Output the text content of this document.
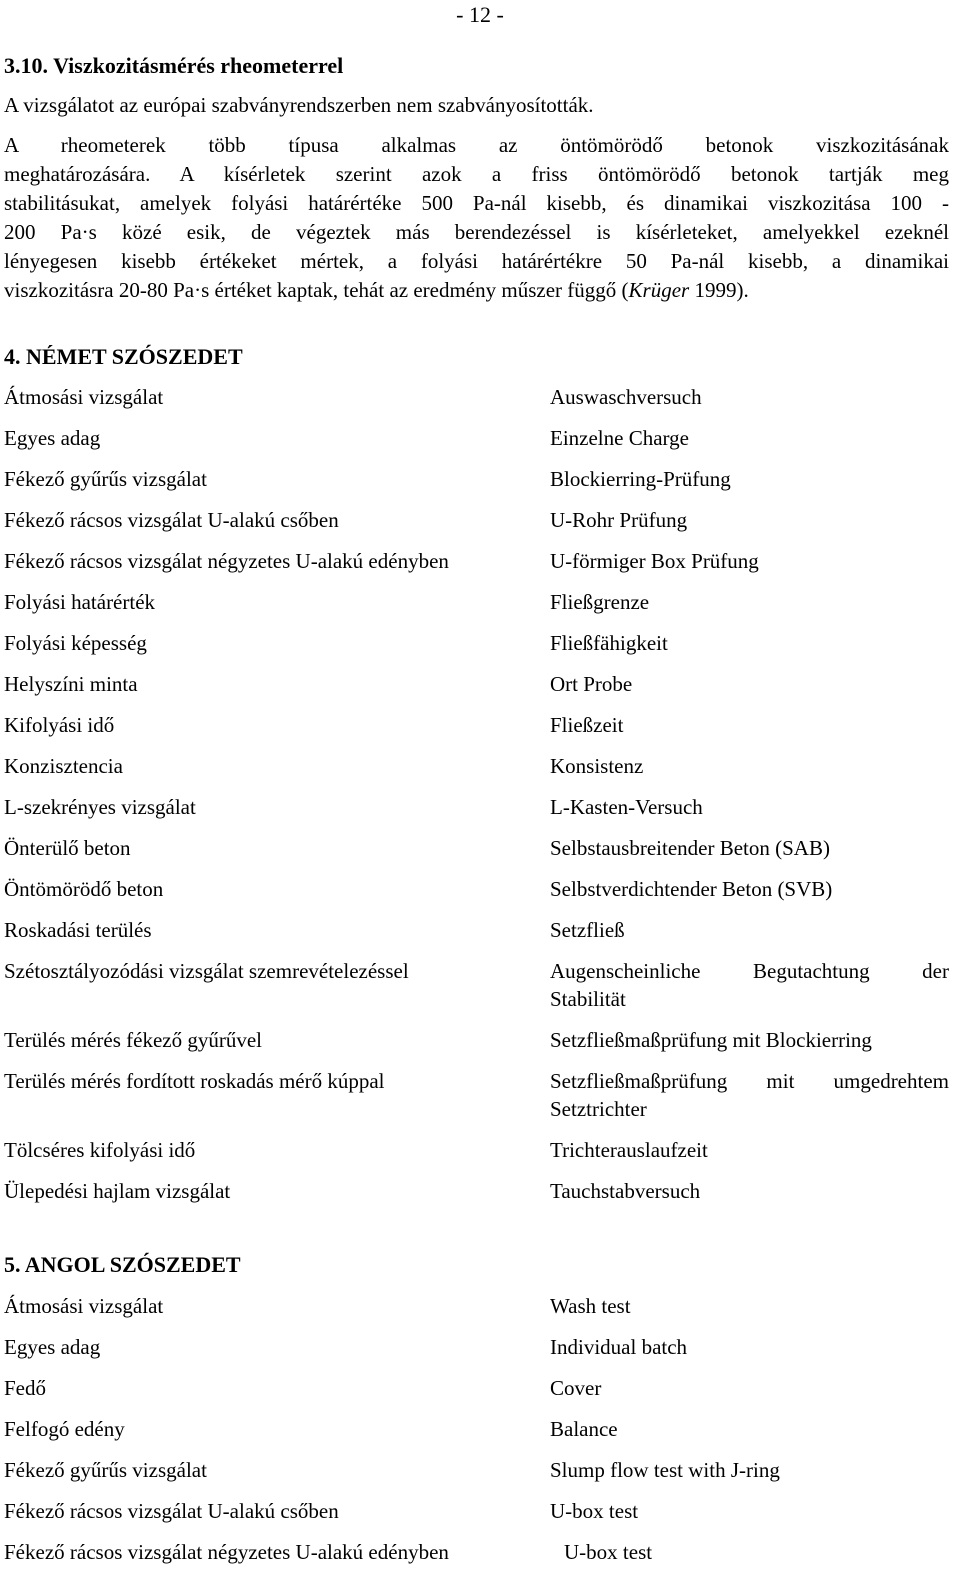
- 12 -
3.10. Viszkozitásmérés rheometerrel

A vizsgálatot az európai szabványrendszerben nem szabványosították.

A rheometerek több típusa alkalmas az öntömörödő betonok viszkozitásának
meghatározására. A kísérletek szerint azok a friss öntömörödő betonok tartják meg
stabilitásukat, amelyek folyási határértéke 500 Pa-nál kisebb, és dinamikai viszkozitása 100 -
200 Pa·s közé esik, de végeztek más berendezéssel is kísérleteket, amelyekkel ezeknél
lényegesen kisebb értékeket mértek, a folyási határértékre 50 Pa-nál kisebb, a dinamikai
viszkozitásra 20-80 Pa·s értéket kaptak, tehát az eredmény műszer függő (Krüger 1999).

4. NÉMET SZÓSZEDET
Átmosási vizsgálat	Auswaschversuch
Egyes adag	Einzelne Charge
Fékező gyűrűs vizsgálat	Blockierring-Prüfung
Fékező rácsos vizsgálat U-alakú csőben	U-Rohr Prüfung
Fékező rácsos vizsgálat négyzetes U-alakú edényben	U-förmiger Box Prüfung
Folyási határérték	Fließgrenze
Folyási képesség	Fließfähigkeit
Helyszíni minta	Ort Probe
Kifolyási idő	Fließzeit
Konzisztencia	Konsistenz
L-szekrényes vizsgálat	L-Kasten-Versuch
Önterülő beton	Selbstausbreitender Beton (SAB)
Öntömörödő beton	Selbstverdichtender Beton (SVB)
Roskadási terülés	Setzfließ
Szétosztályozódási vizsgálat szemrevételezéssel	Augenscheinliche Begutachtung der
Stabilität
Terülés mérés fékező gyűrűvel	Setzfließmaßprüfung mit Blockierring
Terülés mérés fordított roskadás mérő kúppal	Setzfließmaßprüfung mit umgedrehtem
Setztrichter
Tölcséres kifolyási idő	Trichterauslaufzeit
Ülepedési hajlam vizsgálat	Tauchstabversuch
5. ANGOL SZÓSZEDET
Átmosási vizsgálat	Wash test
Egyes adag	Individual batch
Fedő	Cover
Felfogó edény	Balance
Fékező gyűrűs vizsgálat	Slump flow test with J-ring
Fékező rácsos vizsgálat U-alakú csőben	U-box test
Fékező rácsos vizsgálat négyzetes U-alakú edényben	U-box test
